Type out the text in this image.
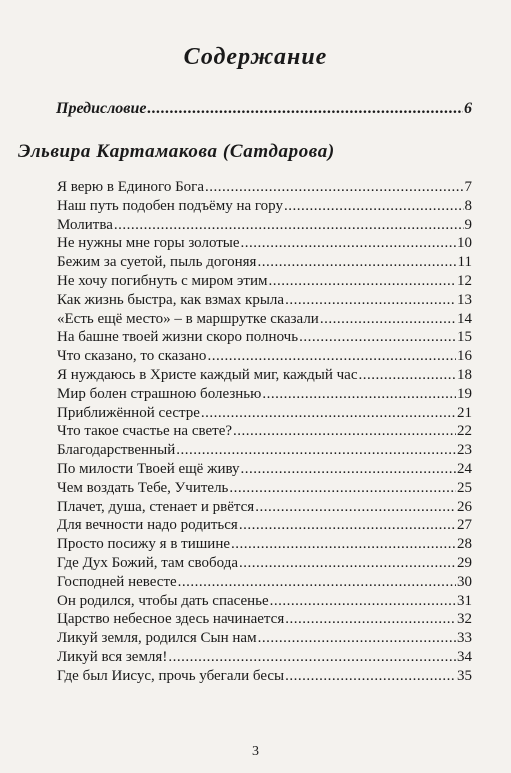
Содержание
Предисловие .....	6
Эльвира Картамакова (Сатдарова)
Я верю в Единого Бога .....	7
Наш путь подобен подъёму на гору .....	8
Молитва .....	9
Не нужны мне горы золотые .....	10
Бежим за суетой, пыль догоняя .....	11
Не хочу погибнуть с миром этим .....	12
Как жизнь быстра, как взмах крыла .....	13
«Есть ещё место» – в маршрутке сказали .....	14
На башне твоей жизни скоро полночь .....	15
Что сказано, то сказано .....	16
Я нуждаюсь в Христе каждый миг, каждый час .....	18
Мир болен страшною болезнью .....	19
Приближённой сестре .....	21
Что такое счастье на свете? .....	22
Благодарственный .....	23
По милости Твоей ещё живу .....	24
Чем воздать Тебе, Учитель .....	25
Плачет, душа, стенает и рвётся .....	26
Для вечности надо родиться .....	27
Просто посижу я в тишине .....	28
Где Дух Божий, там свобода .....	29
Господней невесте .....	30
Он родился, чтобы дать спасенье .....	31
Царство небесное здесь начинается .....	32
Ликуй земля, родился Сын нам .....	33
Ликуй вся земля! .....	34
Где был Иисус, прочь убегали бесы .....	35
3
